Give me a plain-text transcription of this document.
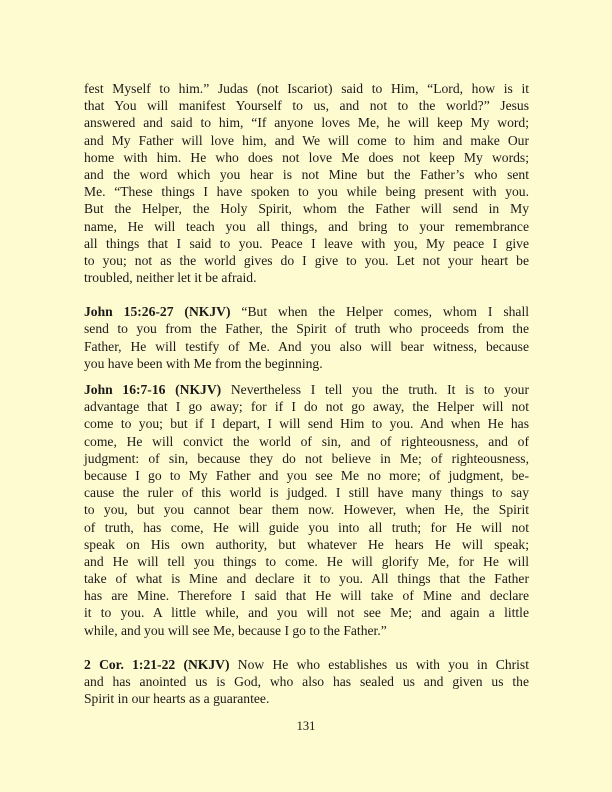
fest Myself to him.” Judas (not Iscariot) said to Him, “Lord, how is it
that You will manifest Yourself to us, and not to the world?” Jesus
answered and said to him, “If anyone loves Me, he will keep My word;
and My Father will love him, and We will come to him and make Our
home with him. He who does not love Me does not keep My words;
and the word which you hear is not Mine but the Father’s who sent
Me. “These things I have spoken to you while being present with you.
But the Helper, the Holy Spirit, whom the Father will send in My
name, He will teach you all things, and bring to your remembrance
all things that I said to you. Peace I leave with you, My peace I give
to you; not as the world gives do I give to you. Let not your heart be
troubled, neither let it be afraid.
John 15:26-27 (NKJV) “But when the Helper comes, whom I shall
send to you from the Father, the Spirit of truth who proceeds from the
Father, He will testify of Me. And you also will bear witness, because
you have been with Me from the beginning.
John 16:7-16 (NKJV) Nevertheless I tell you the truth. It is to your
advantage that I go away; for if I do not go away, the Helper will not
come to you; but if I depart, I will send Him to you. And when He has
come, He will convict the world of sin, and of righteousness, and of
judgment: of sin, because they do not believe in Me; of righteousness,
because I go to My Father and you see Me no more; of judgment, be-
cause the ruler of this world is judged. I still have many things to say
to you, but you cannot bear them now. However, when He, the Spirit
of truth, has come, He will guide you into all truth; for He will not
speak on His own authority, but whatever He hears He will speak;
and He will tell you things to come. He will glorify Me, for He will
take of what is Mine and declare it to you. All things that the Father
has are Mine. Therefore I said that He will take of Mine and declare
it to you. A little while, and you will not see Me; and again a little
while, and you will see Me, because I go to the Father.”
2 Cor. 1:21-22 (NKJV) Now He who establishes us with you in Christ
and has anointed us is God, who also has sealed us and given us the
Spirit in our hearts as a guarantee.
131
